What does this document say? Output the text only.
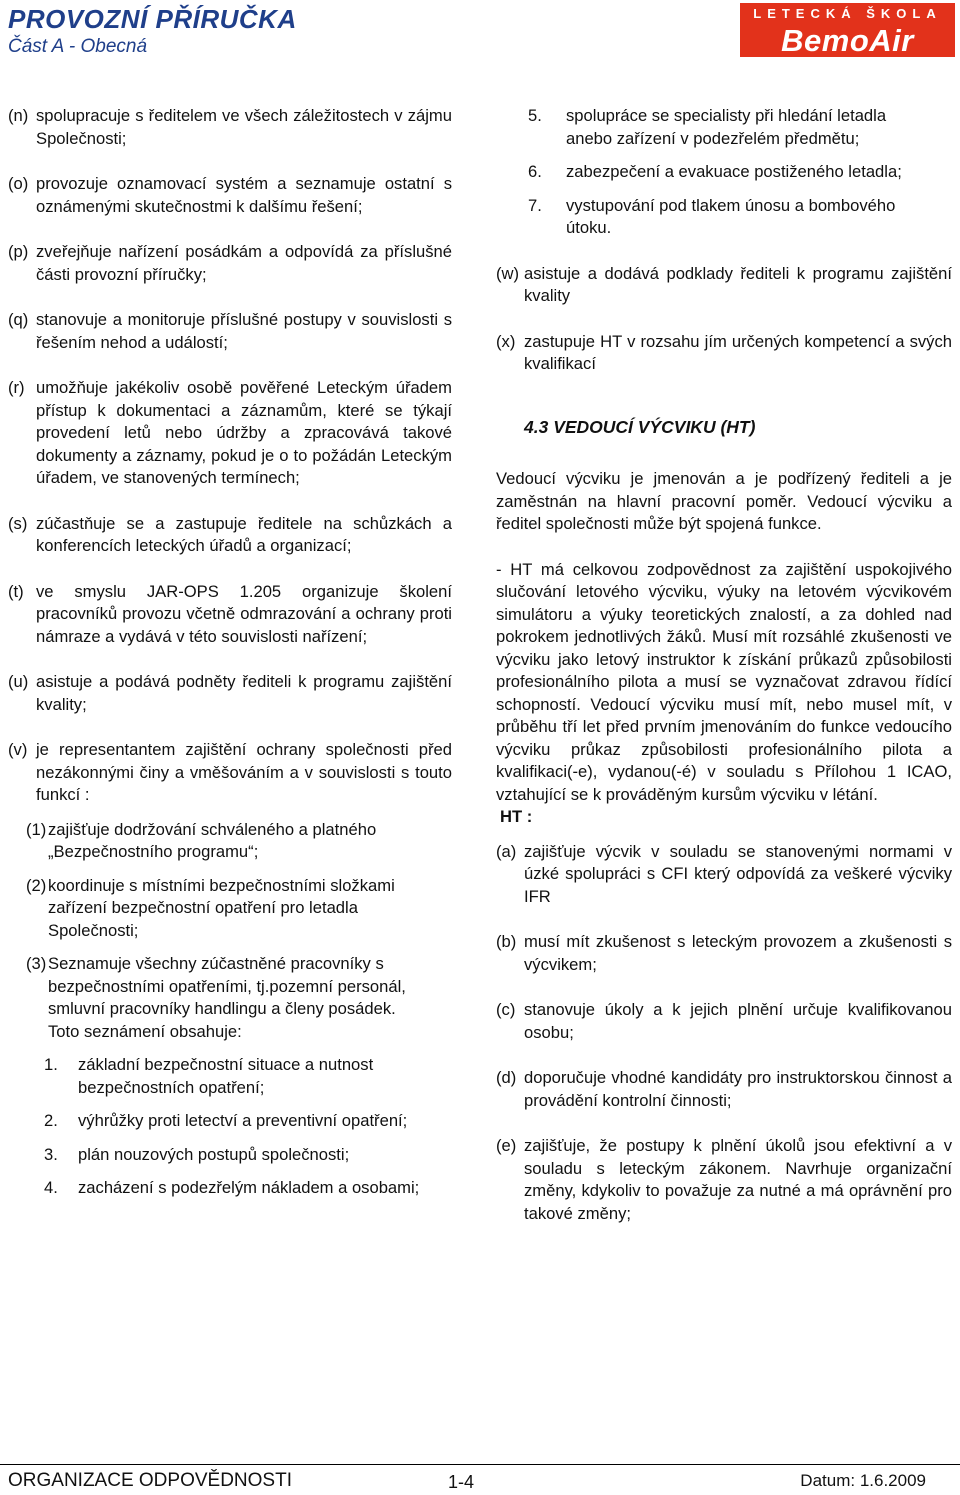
PROVOZNÍ PŘÍRUČKA
Část A - Obecná
LETECKÁ ŠKOLA
BemoAir
(n) spolupracuje s ředitelem ve všech záležitostech v zájmu Společnosti;
(o) provozuje oznamovací systém a seznamuje ostatní s oznámenými skutečnostmi k dalšímu řešení;
(p) zveřejňuje nařízení posádkám a odpovídá za příslušné části provozní příručky;
(q) stanovuje a monitoruje příslušné postupy v souvislosti s řešením nehod a událostí;
(r) umožňuje jakékoliv osobě pověřené Leteckým úřadem přístup k dokumentaci a záznamům, které se týkají provedení letů nebo údržby a zpracovává takové dokumenty a záznamy, pokud je o to požádán Leteckým úřadem, ve stanovených termínech;
(s) zúčastňuje se a zastupuje ředitele na schůzkách a konferencích leteckých úřadů a organizací;
(t) ve smyslu JAR-OPS 1.205 organizuje školení pracovníků provozu včetně odmrazování a ochrany proti námraze a vydává v této souvislosti nařízení;
(u) asistuje a podává podněty řediteli k programu zajištění kvality;
(v) je representantem zajištění ochrany společnosti před nezákonnými činy a vměšováním a v souvislosti s touto funkcí :
(1) zajišťuje dodržování schváleného a platného „Bezpečnostního programu“;
(2) koordinuje s místními bezpečnostními složkami zařízení bezpečnostní opatření pro letadla Společnosti;
(3) Seznamuje všechny zúčastněné pracovníky s bezpečnostními opatřeními, tj.pozemní personál, smluvní pracovníky handlingu a členy posádek. Toto seznámení obsahuje:
1. základní bezpečnostní situace a nutnost bezpečnostních opatření;
2. výhrůžky proti letectví a preventivní opatření;
3. plán nouzových postupů společnosti;
4. zacházení s podezřelým nákladem a osobami;
5. spolupráce se specialisty při hledání letadla anebo zařízení v podezřelém předmětu;
6. zabezpečení a evakuace postiženého letadla;
7. vystupování pod tlakem únosu a bombového útoku.
(w) asistuje a dodává podklady řediteli k programu zajištění kvality
(x) zastupuje HT v rozsahu jím určených kompetencí a svých kvalifikací
4.3 VEDOUCÍ VÝCVIKU (HT)

Vedoucí výcviku je jmenován a je podřízený řediteli a je zaměstnán na hlavní pracovní poměr. Vedoucí výcviku a ředitel společnosti může být spojená funkce.

- HT má celkovou zodpovědnost za zajištění uspokojivého slučování letového výcviku, výuky na letovém výcvikovém simulátoru a výuky teoretických znalostí, a za dohled nad pokrokem jednotlivých žáků. Musí mít rozsáhlé zkušenosti ve výcviku jako letový instruktor k získání průkazů způsobilosti profesionálního pilota a musí se vyznačovat zdravou řídící schopností. Vedoucí výcviku musí mít, nebo musel mít, v průběhu tří let před prvním jmenováním do funkce vedoucího výcviku průkaz způsobilosti profesionálního pilota a kvalifikaci(-e), vydanou(-é) v souladu s Přílohou 1 ICAO, vztahující se k prováděným kursům výcviku v létání.

HT :

(a) zajišťuje výcvik v souladu se stanovenými normami v úzké spolupráci s CFI který odpovídá za veškeré výcviky IFR
(b) musí mít zkušenost s leteckým provozem a zkušenosti s výcvikem;
(c) stanovuje úkoly a k jejich plnění určuje kvalifikovanou osobu;
(d) doporučuje vhodné kandidáty pro instruktorskou činnost a provádění kontrolní činnosti;
(e) zajišťuje, že postupy k plnění úkolů jsou efektivní a v souladu s leteckým zákonem. Navrhuje organizační změny, kdykoliv to považuje za nutné a má oprávnění pro takové změny;
ORGANIZACE ODPOVĚDNOSTI	1-4	Datum: 1.6.2009
